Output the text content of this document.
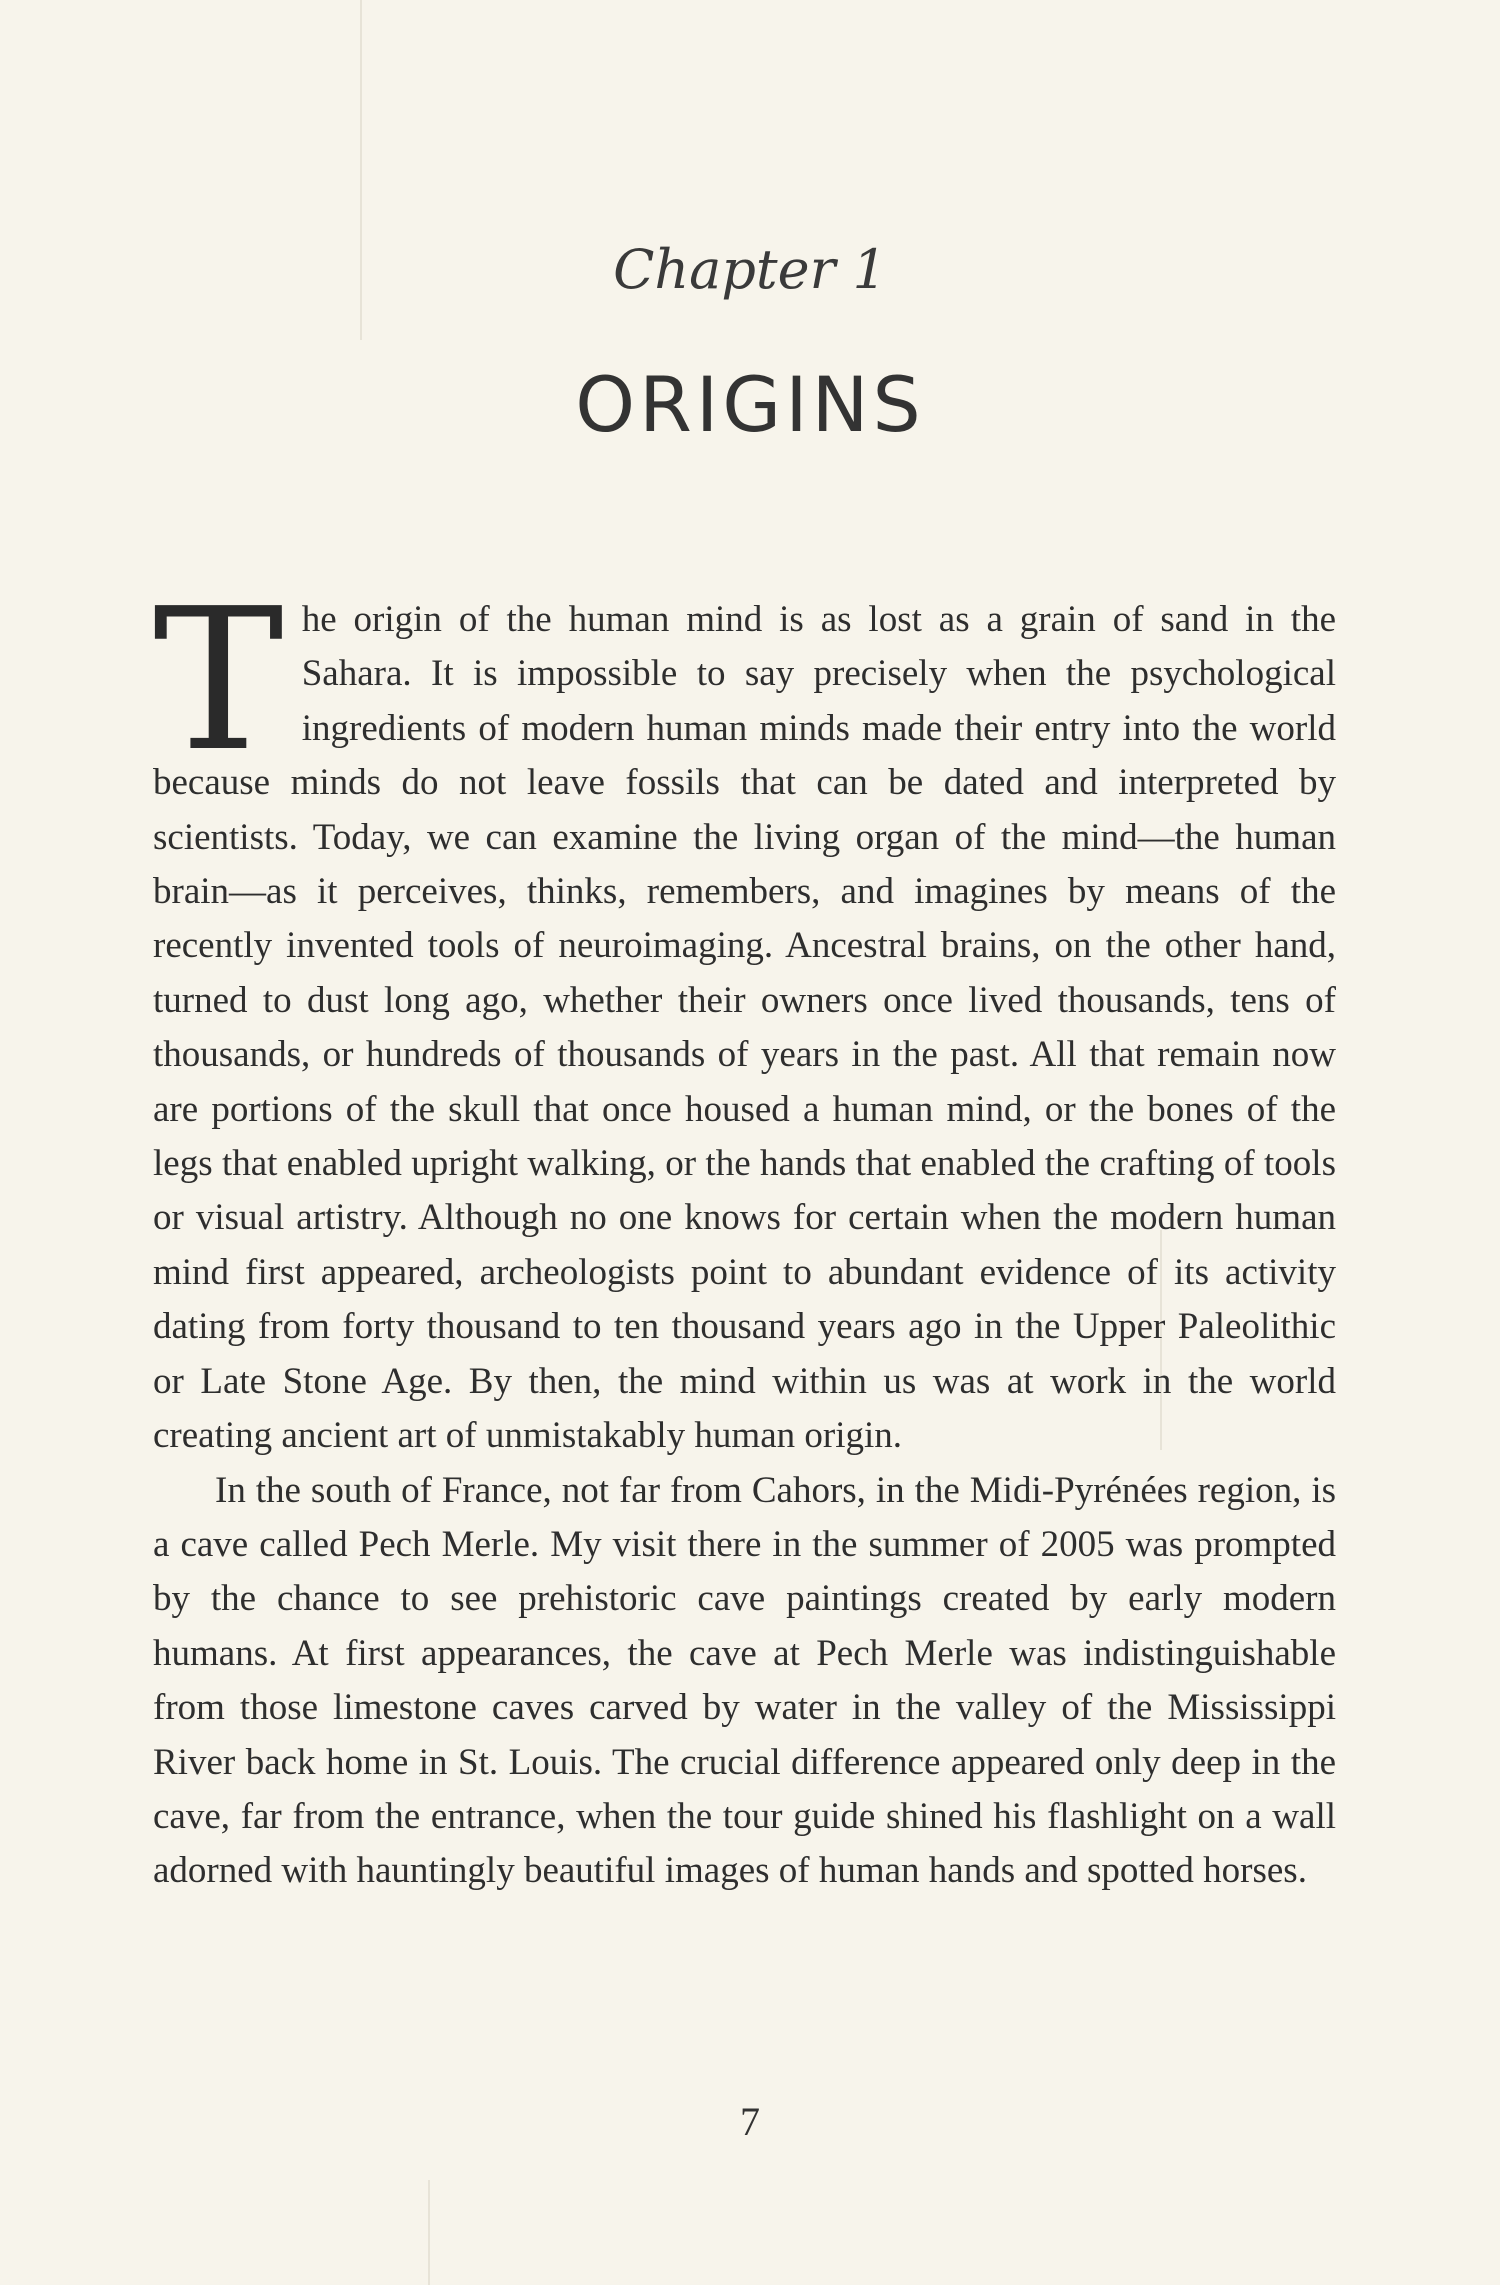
Chapter 1
ORIGINS

The origin of the human mind is as lost as a grain of sand in the Sahara. It is impossible to say precisely when the psychological ingredients of modern human minds made their entry into the world because minds do not leave fossils that can be dated and interpreted by scientists. Today, we can examine the living organ of the mind—the human brain—as it perceives, thinks, remembers, and imagines by means of the recently invented tools of neuroimaging. Ancestral brains, on the other hand, turned to dust long ago, whether their owners once lived thousands, tens of thousands, or hundreds of thousands of years in the past. All that remain now are portions of the skull that once housed a human mind, or the bones of the legs that enabled upright walking, or the hands that enabled the crafting of tools or visual artistry. Although no one knows for certain when the modern human mind first appeared, archeologists point to abundant evidence of its activity dating from forty thousand to ten thousand years ago in the Upper Paleolithic or Late Stone Age. By then, the mind within us was at work in the world creating ancient art of unmistakably human origin.

In the south of France, not far from Cahors, in the Midi-Pyrénées region, is a cave called Pech Merle. My visit there in the summer of 2005 was prompted by the chance to see prehistoric cave paintings created by early modern humans. At first appearances, the cave at Pech Merle was indistinguishable from those limestone caves carved by water in the valley of the Mississippi River back home in St. Louis. The crucial difference appeared only deep in the cave, far from the entrance, when the tour guide shined his flashlight on a wall adorned with hauntingly beautiful images of human hands and spotted horses.

7
